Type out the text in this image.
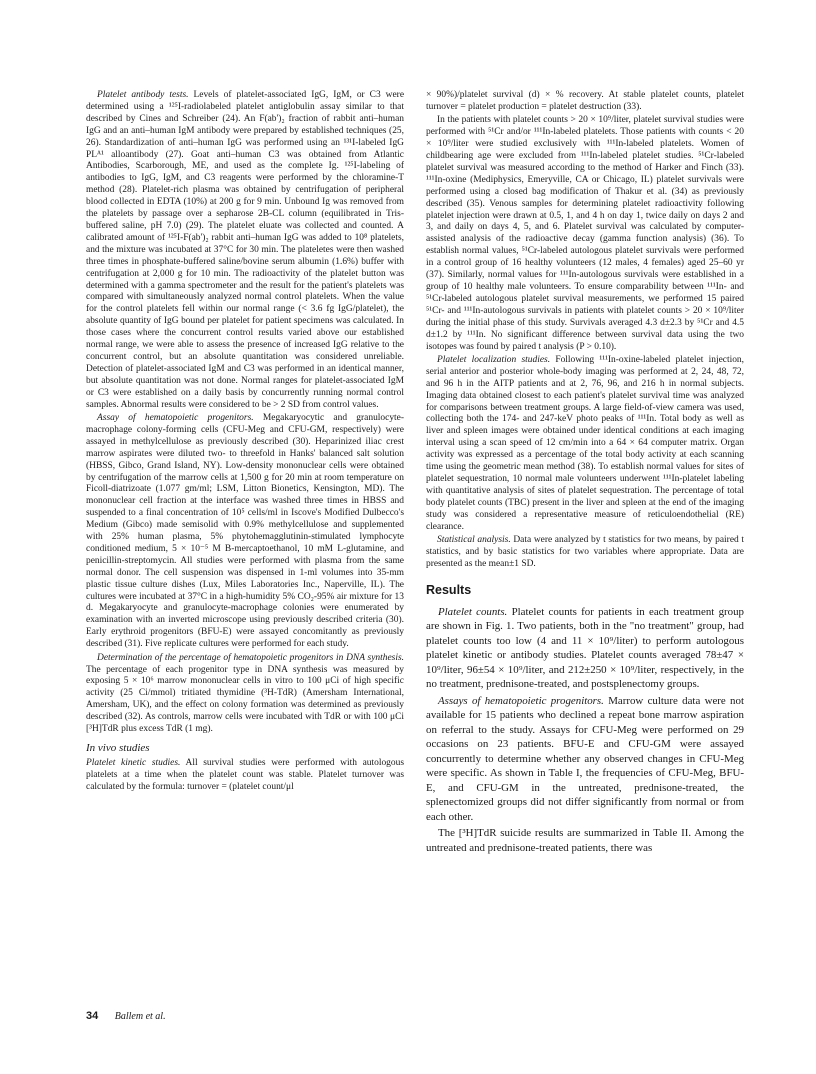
Platelet antibody tests. Levels of platelet-associated IgG, IgM, or C3 were determined using a ¹²⁵I-radiolabeled platelet antiglobulin assay similar to that described by Cines and Schreiber (24). An F(ab')₂ fraction of rabbit anti–human IgG and an anti–human IgM antibody were prepared by established techniques (25, 26). Standardization of anti–human IgG was performed using an ¹³¹I-labeled IgG PLᴬ¹ alloantibody (27). Goat anti–human C3 was obtained from Atlantic Antibodies, Scarborough, ME, and used as the complete Ig. ¹²⁵I-labeling of antibodies to IgG, IgM, and C3 reagents were performed by the chloramine-T method (28). Platelet-rich plasma was obtained by centrifugation of peripheral blood collected in EDTA (10%) at 200 g for 9 min. Unbound Ig was removed from the platelets by passage over a sepharose 2B-CL column (equilibrated in Tris-buffered saline, pH 7.0) (29). The platelet eluate was collected and counted. A calibrated amount of ¹²⁵I-F(ab')₂ rabbit anti–human IgG was added to 10⁸ platelets, and the mixture was incubated at 37°C for 30 min. The plateletes were then washed three times in phosphate-buffered saline/bovine serum albumin (1.6%) buffer with centrifugation at 2,000 g for 10 min. The radioactivity of the platelet button was determined with a gamma spectrometer and the result for the patient's platelets was compared with simultaneously analyzed normal control platelets. When the value for the control platelets fell within our normal range (< 3.6 fg IgG/platelet), the absolute quantity of IgG bound per platelet for patient specimens was calculated. In those cases where the concurrent control results varied above our established normal range, we were able to assess the presence of increased IgG relative to the concurrent control, but an absolute quantitation was considered unreliable. Detection of platelet-associated IgM and C3 was performed in an identical manner, but absolute quantitation was not done. Normal ranges for platelet-associated IgM or C3 were established on a daily basis by concurrently running normal control samples. Abnormal results were considered to be > 2 SD from control values.

Assay of hematopoietic progenitors. Megakaryocytic and granulocyte-macrophage colony-forming cells (CFU-Meg and CFU-GM, respectively) were assayed in methylcellulose as previously described (30). Heparinized iliac crest marrow aspirates were diluted two- to threefold in Hanks' balanced salt solution (HBSS, Gibco, Grand Island, NY). Low-density mononuclear cells were obtained by centrifugation of the marrow cells at 1,500 g for 20 min at room temperature on Ficoll-diatrizoate (1.077 gm/ml; LSM, Litton Bionetics, Kensington, MD). The mononuclear cell fraction at the interface was washed three times in HBSS and suspended to a final concentration of 10⁵ cells/ml in Iscove's Modified Dulbecco's Medium (Gibco) made semisolid with 0.9% methylcellulose and supplemented with 25% human plasma, 5% phytohemagglutinin-stimulated lymphocyte conditioned medium, 5 × 10⁻⁵ M B-mercaptoethanol, 10 mM L-glutamine, and penicillin-streptomycin. All studies were performed with plasma from the same normal donor. The cell suspension was dispensed in 1-ml volumes into 35-mm plastic tissue culture dishes (Lux, Miles Laboratories Inc., Naperville, IL). The cultures were incubated at 37°C in a high-humidity 5% CO₂-95% air mixture for 13 d. Megakaryocyte and granulocyte-macrophage colonies were enumerated by examination with an inverted microscope using previously described criteria (30). Early erythroid progenitors (BFU-E) were assayed concomitantly as previously described (31). Five replicate cultures were performed for each study.

Determination of the percentage of hematopoietic progenitors in DNA synthesis. The percentage of each progenitor type in DNA synthesis was measured by exposing 5 × 10⁶ marrow mononuclear cells in vitro to 100 μCi of high specific activity (25 Ci/mmol) tritiated thymidine (³H-TdR) (Amersham International, Amersham, UK), and the effect on colony formation was determined as previously described (32). As controls, marrow cells were incubated with TdR or with 100 μCi [³H]TdR plus excess TdR (1 mg).

In vivo studies

Platelet kinetic studies. All survival studies were performed with autologous platelets at a time when the platelet count was stable. Platelet turnover was calculated by the formula: turnover = (platelet count/μl

× 90%)/platelet survival (d) × % recovery. At stable platelet counts, platelet turnover = platelet production = platelet destruction (33).

In the patients with platelet counts > 20 × 10⁹/liter, platelet survival studies were performed with ⁵¹Cr and/or ¹¹¹In-labeled platelets. Those patients with counts < 20 × 10⁹/liter were studied exclusively with ¹¹¹In-labeled platelets. Women of childbearing age were excluded from ¹¹¹In-labeled platelet studies. ⁵¹Cr-labeled platelet survival was measured according to the method of Harker and Finch (33). ¹¹¹In-oxine (Mediphysics, Emeryville, CA or Chicago, IL) platelet survivals were performed using a closed bag modification of Thakur et al. (34) as previously described (35). Venous samples for determining platelet radioactivity following platelet injection were drawn at 0.5, 1, and 4 h on day 1, twice daily on days 2 and 3, and daily on days 4, 5, and 6. Platelet survival was calculated by computer-assisted analysis of the radioactive decay (gamma function analysis) (36). To establish normal values, ⁵¹Cr-labeled autologous platelet survivals were performed in a control group of 16 healthy volunteers (12 males, 4 females) aged 25–60 yr (37). Similarly, normal values for ¹¹¹In-autologous survivals were established in a group of 10 healthy male volunteers. To ensure comparability between ¹¹¹In- and ⁵¹Cr-labeled autologous platelet survival measurements, we performed 15 paired ⁵¹Cr- and ¹¹¹In-autologous survivals in patients with platelet counts > 20 × 10⁹/liter during the initial phase of this study. Survivals averaged 4.3 d±2.3 by ⁵¹Cr and 4.5 d±1.2 by ¹¹¹In. No significant difference between survival data using the two isotopes was found by paired t analysis (P > 0.10).

Platelet localization studies. Following ¹¹¹In-oxine-labeled platelet injection, serial anterior and posterior whole-body imaging was performed at 2, 24, 48, 72, and 96 h in the AITP patients and at 2, 76, 96, and 216 h in normal subjects. Imaging data obtained closest to each patient's platelet survival time was analyzed for comparisons between treatment groups. A large field-of-view camera was used, collecting both the 174- and 247-keV photo peaks of ¹¹¹In. Total body as well as liver and spleen images were obtained under identical conditions at each imaging interval using a scan speed of 12 cm/min into a 64 × 64 computer matrix. Organ activity was expressed as a percentage of the total body activity at each scanning time using the geometric mean method (38). To establish normal values for sites of platelet sequestration, 10 normal male volunteers underwent ¹¹¹In-platelet labeling with quantitative analysis of sites of platelet sequestration. The percentage of total body platelet counts (TBC) present in the liver and spleen at the end of the imaging study was considered a representative measure of reticuloendothelial (RE) clearance.

Statistical analysis. Data were analyzed by t statistics for two means, by paired t statistics, and by basic statistics for two variables where appropriate. Data are presented as the mean±1 SD.

Results

Platelet counts. Platelet counts for patients in each treatment group are shown in Fig. 1. Two patients, both in the "no treatment" group, had platelet counts too low (4 and 11 × 10⁹/liter) to perform autologous platelet kinetic or antibody studies. Platelet counts averaged 78±47 × 10⁹/liter, 96±54 × 10⁹/liter, and 212±250 × 10⁹/liter, respectively, in the no treatment, prednisone-treated, and postsplenectomy groups.

Assays of hematopoietic progenitors. Marrow culture data were not available for 15 patients who declined a repeat bone marrow aspiration on referral to the study. Assays for CFU-Meg were performed on 29 occasions on 23 patients. BFU-E and CFU-GM were assayed concurrently to determine whether any observed changes in CFU-Meg were specific. As shown in Table I, the frequencies of CFU-Meg, BFU-E, and CFU-GM in the untreated, prednisone-treated, the splenectomized groups did not differ significantly from normal or from each other.

The [³H]TdR suicide results are summarized in Table II. Among the untreated and prednisone-treated patients, there was

34 Ballem et al.
